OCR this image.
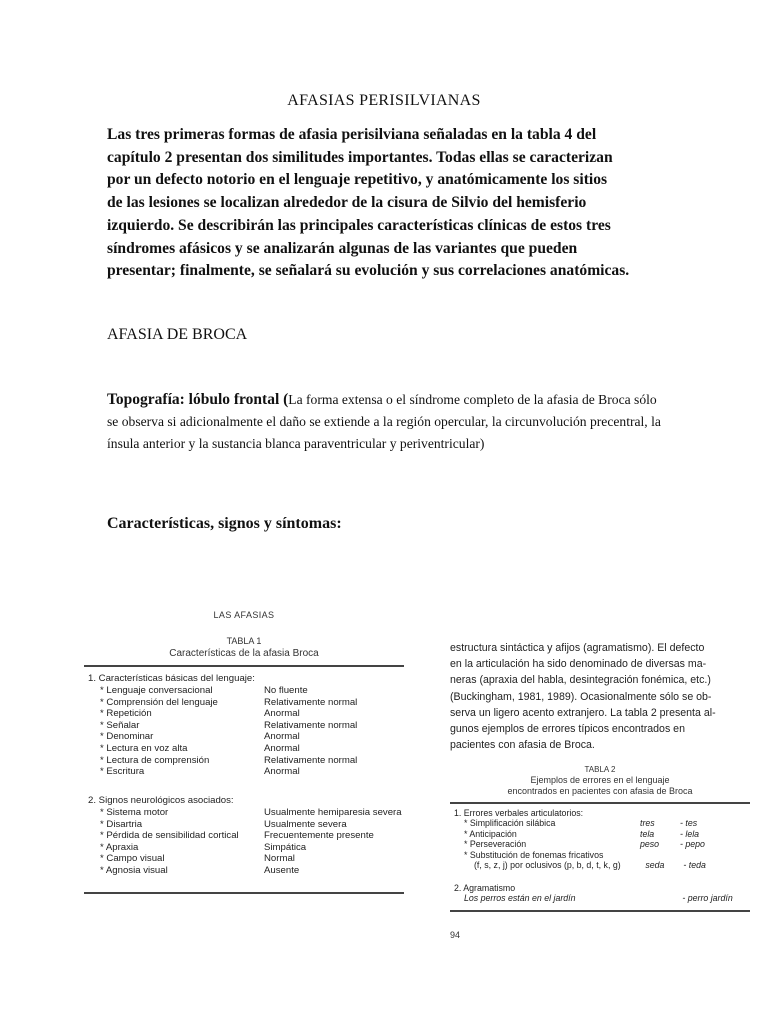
AFASIAS PERISILVIANAS
Las tres primeras formas de afasia perisilviana señaladas en la tabla 4 del
capítulo 2 presentan dos similitudes importantes. Todas ellas se caracterizan
por un defecto notorio en el lenguaje repetitivo, y anatómicamente los sitios
de las lesiones se localizan alrededor de la cisura de Silvio del hemisferio
izquierdo. Se describirán las principales características clínicas de estos tres
síndromes afásicos y se analizarán algunas de las variantes que pueden
presentar; finalmente, se señalará su evolución y sus correlaciones anatómicas.
AFASIA DE BROCA
Topografía: lóbulo frontal (La forma extensa o el síndrome completo de la afasia de Broca sólo se observa si adicionalmente el daño se extiende a la región opercular, la circunvolución precentral, la ínsula anterior y la sustancia blanca paraventricular y periventricular)
Características, signos y síntomas:
LAS AFASIAS
TABLA 1
Características de la afasia Broca
1. Características básicas del lenguaje:
* Lenguaje conversacional	No fluente
* Comprensión del lenguaje	Relativamente normal
* Repetición	Anormal
* Señalar	Relativamente normal
* Denominar	Anormal
* Lectura en voz alta	Anormal
* Lectura de comprensión	Relativamente normal
* Escritura	Anormal
2. Signos neurológicos asociados:
* Sistema motor	Usualmente hemiparesia severa
* Disartria	Usualmente severa
* Pérdida de sensibilidad cortical	Frecuentemente presente
* Apraxia	Simpática
* Campo visual	Normal
* Agnosia visual	Ausente
estructura sintáctica y afijos (agramatismo). El defecto
en la articulación ha sido denominado de diversas ma-
neras (apraxia del habla, desintegración fonémica, etc.)
(Buckingham, 1981, 1989). Ocasionalmente sólo se ob-
serva un ligero acento extranjero. La tabla 2 presenta al-
gunos ejemplos de errores típicos encontrados en
pacientes con afasia de Broca.
TABLA 2
Ejemplos de errores en el lenguaje
encontrados en pacientes con afasia de Broca
1. Errores verbales articulatorios:
* Simplificación silábica	tres	- tes
* Anticipación	tela	- lela
* Perseveración	peso	- pepo
* Substitución de fonemas fricativos
(f, s, z, j) por oclusivos (p, b, d, t, k, g)	seda	- teda
2. Agramatismo
Los perros están en el jardín	- perro jardín
94
